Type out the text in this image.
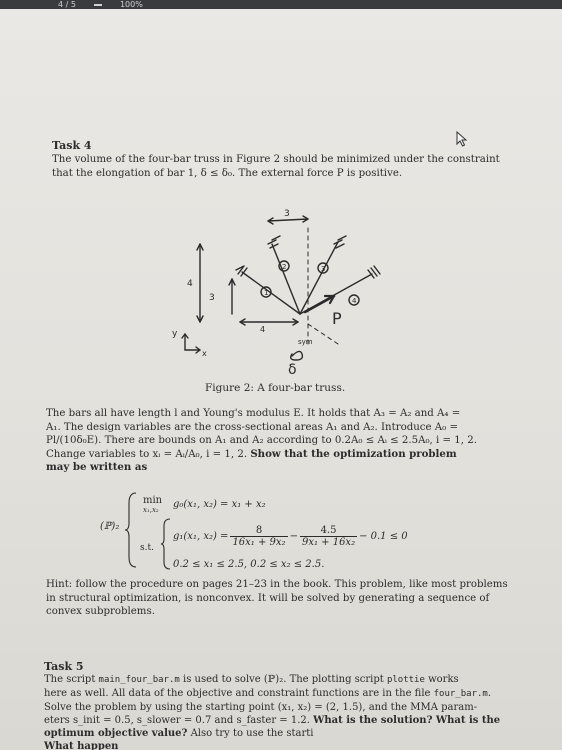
4 / 5	100%
Task 4
The volume of the four-bar truss in Figure 2 should be minimized under the constraint
that the elongation of bar 1, δ ≤ δ₀. The external force P is positive.
3
4
3
4
1
2	3
4
P
sym
δ
y
x
Figure 2: A four-bar truss.
The bars all have length l and Young's modulus E. It holds that A₃ = A₂ and A₄ =
A₁. The design variables are the cross-sectional areas A₁ and A₂. Introduce A₀ =
Pl/(10δ₀E). There are bounds on A₁ and A₂ according to 0.2A₀ ≤ Aᵢ ≤ 2.5A₀, i = 1, 2.
Change variables to xᵢ = Aᵢ/A₀, i = 1, 2. Show that the optimization problem
may be written as
(ℙ)₂
min
x₁,x₂	g₀(x₁, x₂) = x₁ + x₂
s.t.
g₁(x₁, $x_2) = \frac{8}{\text{16x₁ + 9x₂}} - \frac{4.5}{\text{9x₁ + 16x₂}} - 0.1 \le 0$
0.2 ≤ x₁ ≤ 2.5, 0.2 ≤ x₂ ≤ 2.5.
Hint: follow the procedure on pages 21–23 in the book. This problem, like most problems
in structural optimization, is nonconvex. It will be solved by generating a sequence of
convex subproblems.
Task 5
The script main_four_bar.m is used to solve (ℙ)₂. The plotting script plottie works
here as well. All data of the objective and constraint functions are in the file four_bar.m.
Solve the problem by using the starting point (x₁, x₂) = (2, 1.5), and the MMA param-
eters s_init = 0.5, s_slower = 0.7 and s_faster = 1.2. What is the solution? What is the
optimum objective value? Also try to use the starti
What happen
